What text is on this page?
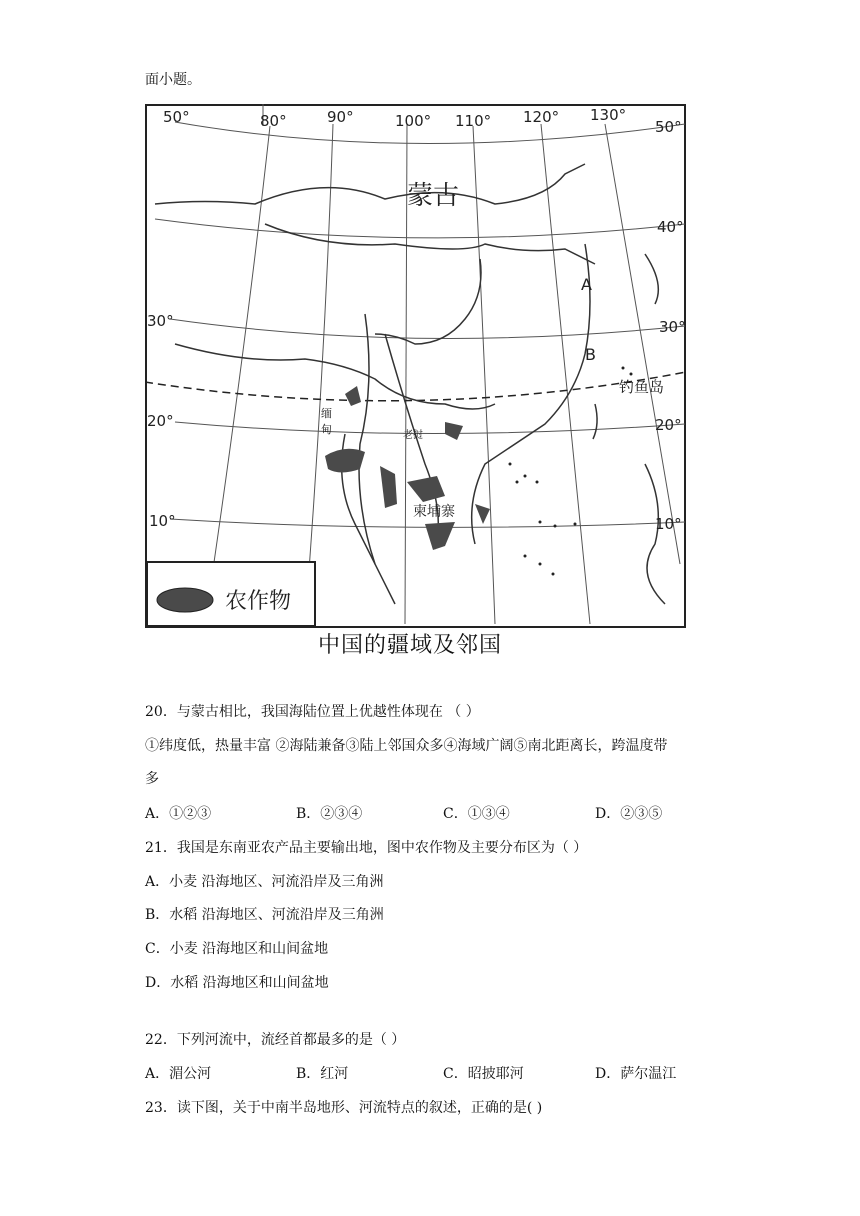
面小题。
80°	90°	100° 110° 120° 130°
50°
30°
20°
10°
50°
40°
30°
20°
10°
蒙古
A
B
钓鱼岛
缅
甸	老挝
柬埔寨
农作物
中国的疆域及邻国
20．与蒙古相比，我国海陆位置上优越性体现在 （ ）
①纬度低，热量丰富 ②海陆兼备③陆上邻国众多④海域广阔⑤南北距离长，跨温度带
多
A．①②③	B．②③④	C．①③④	D．②③⑤
21．我国是东南亚农产品主要输出地，图中农作物及主要分布区为（ ）
A．小麦 沿海地区、河流沿岸及三角洲
B．水稻 沿海地区、河流沿岸及三角洲
C．小麦 沿海地区和山间盆地
D．水稻 沿海地区和山间盆地
22．下列河流中，流经首都最多的是（ ）
A．湄公河	B．红河	C．昭披耶河	D．萨尔温江
23．读下图，关于中南半岛地形、河流特点的叙述，正确的是( )
